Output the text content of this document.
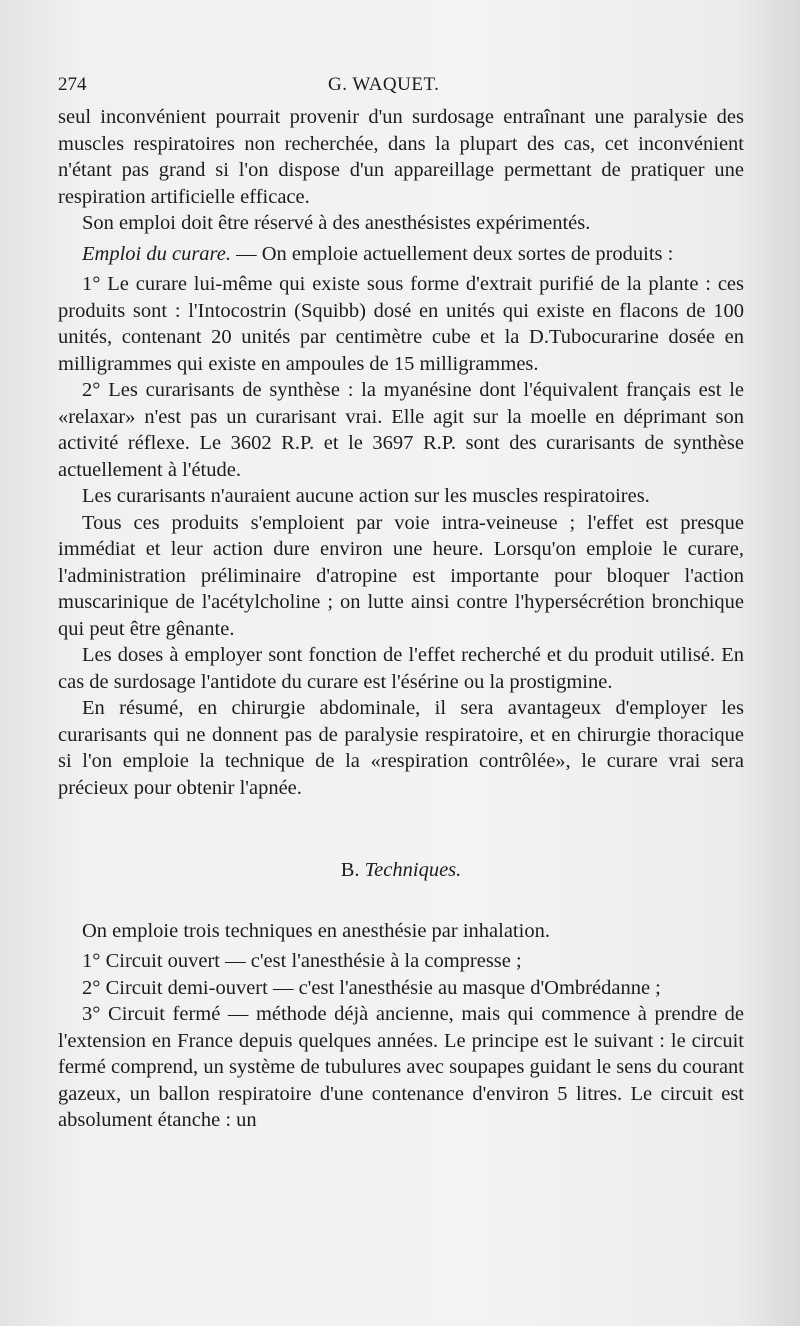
274	G. WAQUET.

seul inconvénient pourrait provenir d'un surdosage entraînant une paralysie des muscles respiratoires non recherchée, dans la plupart des cas, cet inconvénient n'étant pas grand si l'on dispose d'un appareillage permettant de pratiquer une respiration artificielle efficace.

Son emploi doit être réservé à des anesthésistes expérimentés.

Emploi du curare. — On emploie actuellement deux sortes de produits :

1° Le curare lui-même qui existe sous forme d'extrait purifié de la plante : ces produits sont : l'Intocostrin (Squibb) dosé en unités qui existe en flacons de 100 unités, contenant 20 unités par centimètre cube et la D.Tubocurarine dosée en milligrammes qui existe en ampoules de 15 milligrammes.

2° Les curarisants de synthèse : la myanésine dont l'équivalent français est le «relaxar» n'est pas un curarisant vrai. Elle agit sur la moelle en déprimant son activité réflexe. Le 3602 R.P. et le 3697 R.P. sont des curarisants de synthèse actuellement à l'étude.

Les curarisants n'auraient aucune action sur les muscles respiratoires.

Tous ces produits s'emploient par voie intra-veineuse ; l'effet est presque immédiat et leur action dure environ une heure. Lorsqu'on emploie le curare, l'administration préliminaire d'atropine est importante pour bloquer l'action muscarinique de l'acétylcholine ; on lutte ainsi contre l'hypersécrétion bronchique qui peut être gênante.

Les doses à employer sont fonction de l'effet recherché et du produit utilisé. En cas de surdosage l'antidote du curare est l'ésérine ou la prostigmine.

En résumé, en chirurgie abdominale, il sera avantageux d'employer les curarisants qui ne donnent pas de paralysie respiratoire, et en chirurgie thoracique si l'on emploie la technique de la «respiration contrôlée», le curare vrai sera précieux pour obtenir l'apnée.

B. Techniques.

On emploie trois techniques en anesthésie par inhalation.

1° Circuit ouvert — c'est l'anesthésie à la compresse ;

2° Circuit demi-ouvert — c'est l'anesthésie au masque d'Ombrédanne ;

3° Circuit fermé — méthode déjà ancienne, mais qui commence à prendre de l'extension en France depuis quelques années. Le principe est le suivant : le circuit fermé comprend, un système de tubulures avec soupapes guidant le sens du courant gazeux, un ballon respiratoire d'une contenance d'environ 5 litres. Le circuit est absolument étanche : un
